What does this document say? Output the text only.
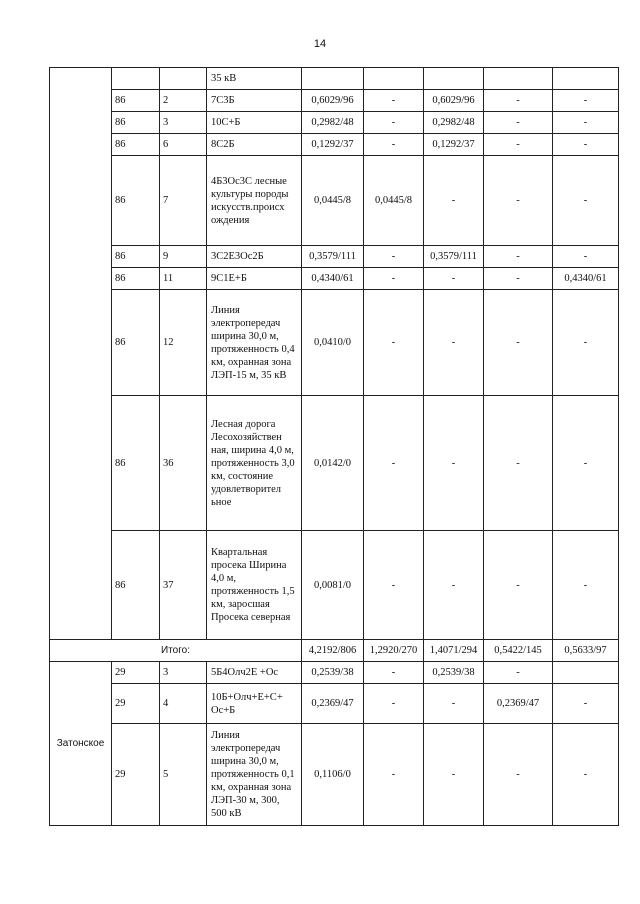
14
			35 кВ					
	86	2	7С3Б	0,6029/96	-	0,6029/96	-	-
	86	3	10С+Б	0,2982/48	-	0,2982/48	-	-
	86	6	8С2Б	0,1292/37	-	0,1292/37	-	-
	86	7	4Б3Ос3С лесные культуры породы искусств.происх ождения	0,0445/8	0,0445/8	-	-	-
	86	9	3С2Е3Ос2Б	0,3579/111	-	0,3579/111	-	-
	86	11	9С1Е+Б	0,4340/61	-	-	-	0,4340/61
	86	12	Линия электропередач ширина 30,0 м, протяженность 0,4 км, охранная зона ЛЭП-15 м, 35 кВ	0,0410/0	-	-	-	-
	86	36	Лесная дорога Лесохозяйствен ная, ширина 4,0 м, протяженность 3,0 км, состояние удовлетворител ьное	0,0142/0	-	-	-	-
	86	37	Квартальная просека Ширина 4,0 м, протяженность 1,5 км, заросшая Просека северная	0,0081/0	-	-	-	-
Итого:				4,2192/806	1,2920/270	1,4071/294	0,5422/145	0,5633/97
Затонское	29	3	5Б4Олч2Е +Ос	0,2539/38	-	0,2539/38	-	
	29	4	10Б+Олч+Е+С+ Ос+Б	0,2369/47	-	-	0,2369/47	-
	29	5	Линия электропередач ширина 30,0 м, протяженность 0,1 км, охранная зона ЛЭП-30 м, 300, 500 кВ	0,1106/0	-	-	-	-
